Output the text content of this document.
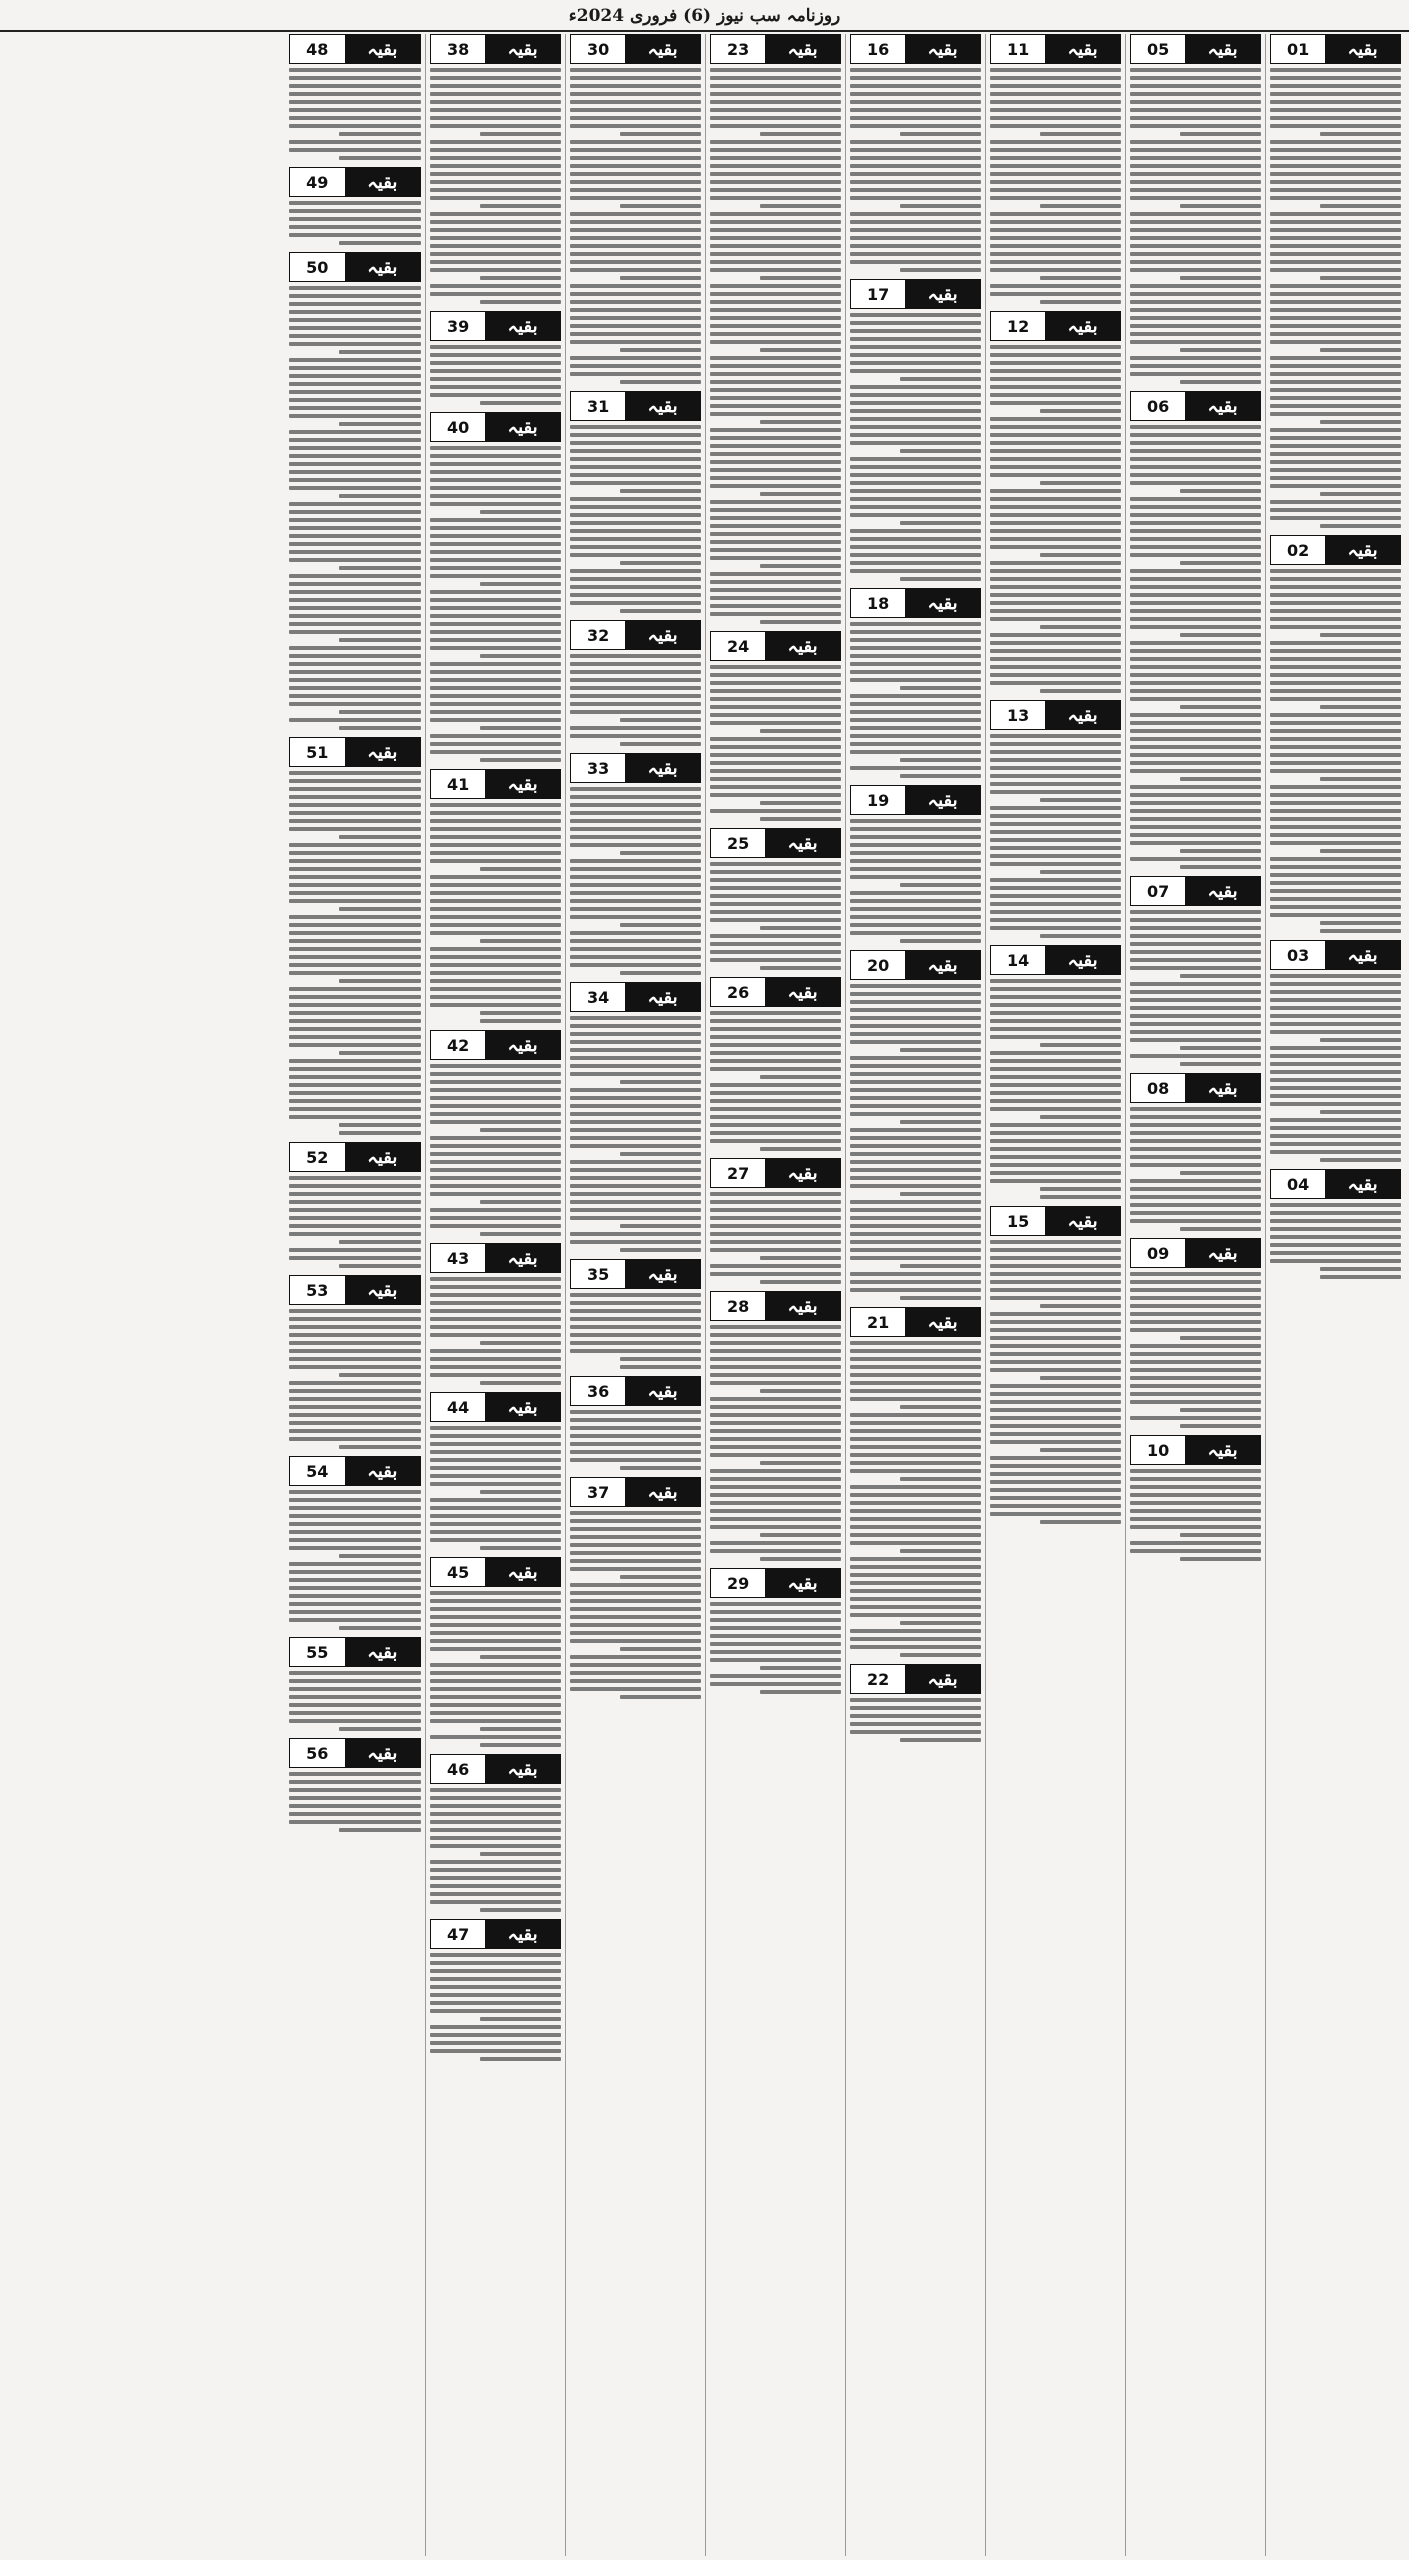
روزنامہ سب نیوز (6) فروری 2024ء
بقیہ
01
بقیہ
02
بقیہ
03
بقیہ
04
بقیہ
05
بقیہ
06
بقیہ
07
بقیہ
08
بقیہ
09
بقیہ
10
بقیہ
11
بقیہ
12
بقیہ
13
بقیہ
14
بقیہ
15
بقیہ
16
بقیہ
17
بقیہ
18
بقیہ
19
بقیہ
20
بقیہ
21
بقیہ
22
بقیہ
23
بقیہ
24
بقیہ
25
بقیہ
26
بقیہ
27
بقیہ
28
بقیہ
29
بقیہ
30
بقیہ
31
بقیہ
32
بقیہ
33
بقیہ
34
بقیہ
35
بقیہ
36
بقیہ
37
بقیہ
38
بقیہ
39
بقیہ
40
بقیہ
41
بقیہ
42
بقیہ
43
بقیہ
44
بقیہ
45
بقیہ
46
بقیہ
47
بقیہ
48
بقیہ
49
بقیہ
50
بقیہ
51
بقیہ
52
بقیہ
53
بقیہ
54
بقیہ
55
بقیہ
56
